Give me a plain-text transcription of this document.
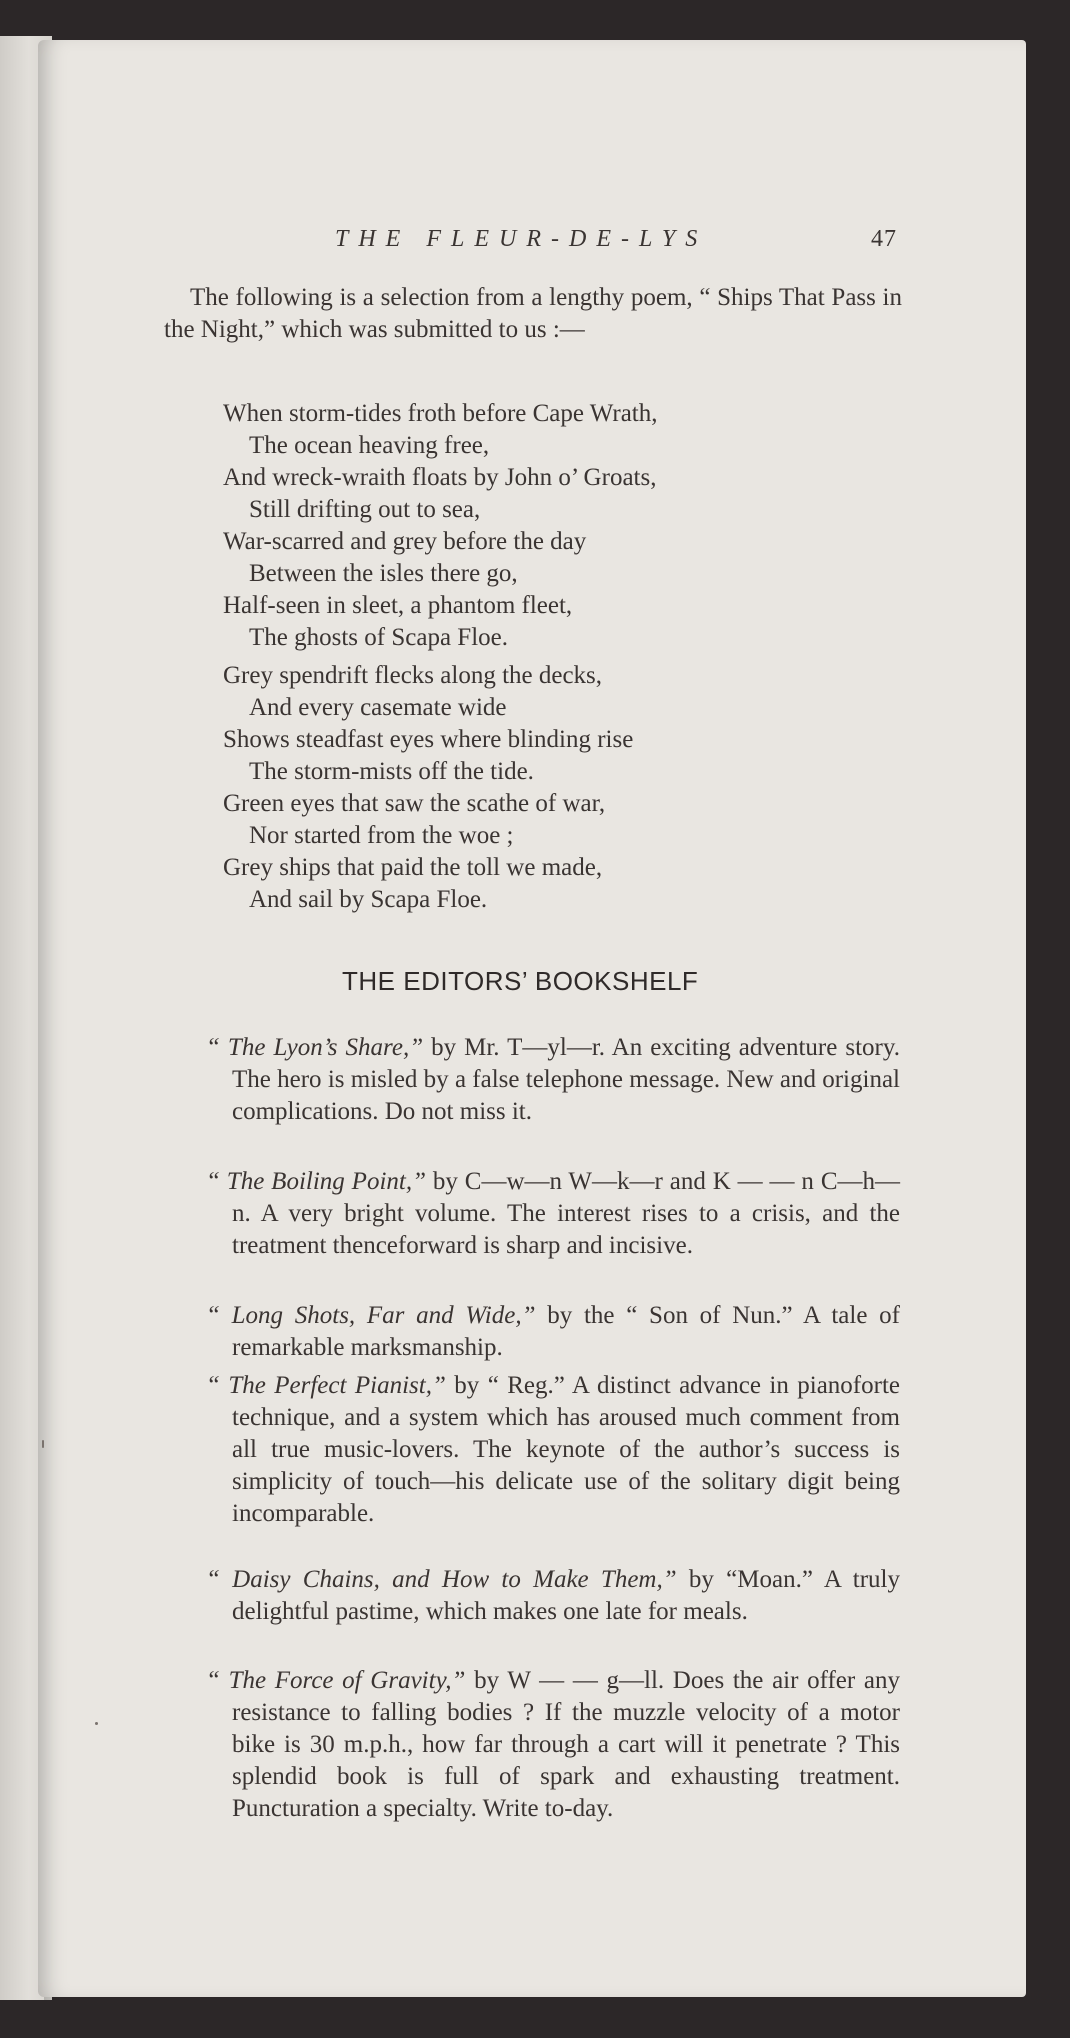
THE FLEUR-DE-LYS	47

The following is a selection from a lengthy poem, “ Ships That Pass in the Night,” which was submitted to us :—

When storm-tides froth before Cape Wrath,
The ocean heaving free,
And wreck-wraith floats by John o’ Groats,
Still drifting out to sea,
War-scarred and grey before the day
Between the isles there go,
Half-seen in sleet, a phantom fleet,
The ghosts of Scapa Floe.
Grey spendrift flecks along the decks,
And every casemate wide
Shows steadfast eyes where blinding rise
The storm-mists off the tide.
Green eyes that saw the scathe of war,
Nor started from the woe ;
Grey ships that paid the toll we made,
And sail by Scapa Floe.
THE EDITORS’ BOOKSHELF

“ The Lyon’s Share,” by Mr. T—yl—r. An exciting adventure story. The hero is misled by a false telephone message. New and original complications. Do not miss it.

“ The Boiling Point,” by C—w—n W—k—r and K — — n C—h—n. A very bright volume. The interest rises to a crisis, and the treatment thenceforward is sharp and incisive.

“ Long Shots, Far and Wide,” by the “ Son of Nun.” A tale of remarkable marksmanship.

“ The Perfect Pianist,” by “ Reg.” A distinct advance in pianoforte technique, and a system which has aroused much comment from all true music-lovers. The keynote of the author’s success is simplicity of touch—his delicate use of the solitary digit being incomparable.

“ Daisy Chains, and How to Make Them,” by “Moan.” A truly delightful pastime, which makes one late for meals.

“ The Force of Gravity,” by W — — g—ll. Does the air offer any resistance to falling bodies ? If the muzzle velocity of a motor bike is 30 m.p.h., how far through a cart will it penetrate ? This splendid book is full of spark and exhausting treatment. Puncturation a specialty. Write to-day.
